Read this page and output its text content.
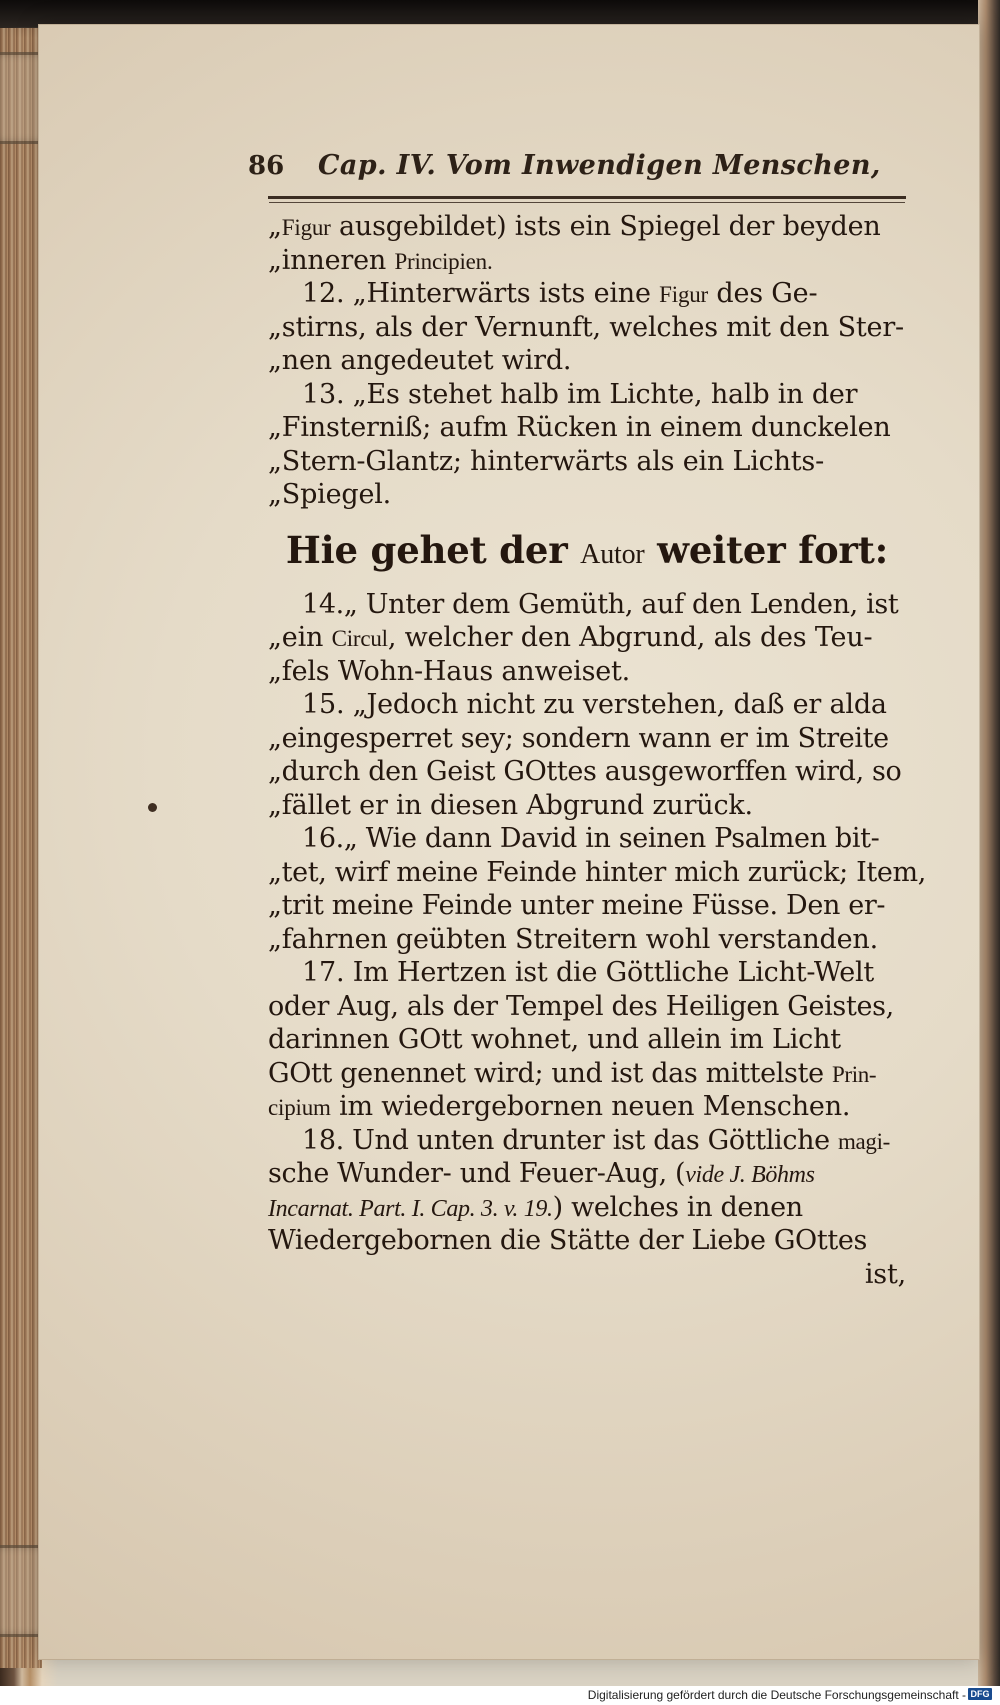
86	Cap. IV. Vom Inwendigen Menschen,
„Figur ausgebildet) ists ein Spiegel der beyden
„inneren Principien.
12. „Hinterwärts ists eine Figur des Ge-
„stirns, als der Vernunft, welches mit den Ster-
„nen angedeutet wird.
13. „Es stehet halb im Lichte, halb in der
„Finsterniß; aufm Rücken in einem dunckelen
„Stern-Glantz; hinterwärts als ein Lichts-
„Spiegel.
Hie gehet der Autor weiter fort:
14.„ Unter dem Gemüth, auf den Lenden, ist
„ein Circul, welcher den Abgrund, als des Teu-
„fels Wohn-Haus anweiset.
15. „Jedoch nicht zu verstehen, daß er alda
„eingesperret sey; sondern wann er im Streite
„durch den Geist GOttes ausgeworffen wird, so
„fället er in diesen Abgrund zurück.
16.„ Wie dann David in seinen Psalmen bit-
„tet, wirf meine Feinde hinter mich zurück; Item,
„trit meine Feinde unter meine Füsse. Den er-
„fahrnen geübten Streitern wohl verstanden.
17. Im Hertzen ist die Göttliche Licht-Welt
oder Aug, als der Tempel des Heiligen Geistes,
darinnen GOtt wohnet, und allein im Licht
GOtt genennet wird; und ist das mittelste Prin-
cipium im wiedergebornen neuen Menschen.
18. Und unten drunter ist das Göttliche magi-
sche Wunder- und Feuer-Aug, (vide J. Böhms
Incarnat. Part. I. Cap. 3. v. 19.) welches in denen
Wiedergebornen die Stätte der Liebe GOttes
ist,
Digitalisierung gefördert durch die Deutsche Forschungsgemeinschaft - DFG
